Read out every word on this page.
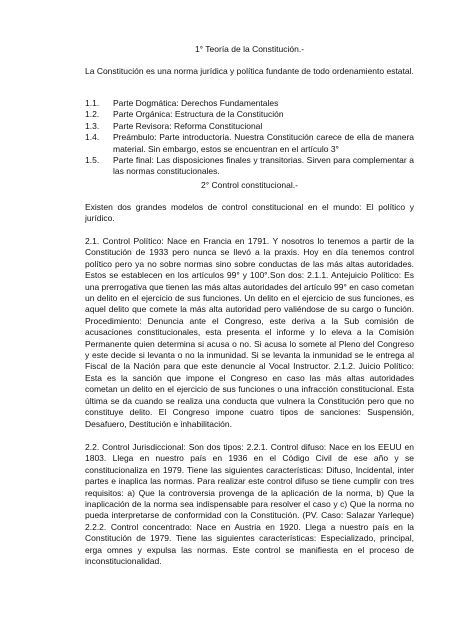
1° Teoría de la Constitución.-

La Constitución es una norma jurídica y política fundante de todo ordenamiento estatal.

1.1.	Parte Dogmática: Derechos Fundamentales
1.2.	Parte Orgánica: Estructura de la Constitución
1.3.	Parte Revisora: Reforma Constitucional
1.4.	Preámbulo: Parte introductoria. Nuestra Constitución carece de ella de manera material. Sin embargo, estos se encuentran en el artículo 3°
1.5.	Parte final: Las disposiciones finales y transitorias. Sirven para complementar a las normas constitucionales.

2° Control constitucional.-

Existen dos grandes modelos de control constitucional en el mundo: El político y jurídico.

2.1. Control Político: Nace en Francia en 1791. Y nosotros lo tenemos a partir de la Constitución de 1933 pero nunca se llevó a la praxis. Hoy en día tenemos control político pero ya no sobre normas sino sobre conductas de las más altas autoridades. Estos se establecen en los artículos 99° y 100°.Son dos: 2.1.1. Antejuicio Político: Es una prerrogativa que tienen las más altas autoridades del artículo 99° en caso cometan un delito en el ejercicio de sus funciones. Un delito en el ejercicio de sus funciones, es aquel delito que comete la más alta autoridad pero valiéndose de su cargo o función. Procedimiento: Denuncia ante el Congreso, este deriva a la Sub comisión de acusaciones constitucionales, esta presenta el informe y lo eleva a la Comisión Permanente quien determina si acusa o no. Si acusa lo somete al Pleno del Congreso y este decide si levanta o no la inmunidad. Si se levanta la inmunidad se le entrega al Fiscal de la Nación para que este denuncie al Vocal Instructor. 2.1.2. Juicio Político: Esta es la sanción que impone el Congreso en caso las más altas autoridades cometan un delito en el ejercicio de sus funciones o una infracción constitucional. Esta última se da cuando se realiza una conducta que vulnera la Constitución pero que no constituye delito. El Congreso impone cuatro tipos de sanciones: Suspensión, Desafuero, Destitución e inhabilitación.

2.2. Control Jurisdiccional: Son dos tipos: 2.2.1. Control difuso: Nace en los EEUU en 1803. Llega en nuestro país en 1936 en el Código Civil de ese año y se constitucionaliza en 1979. Tiene las siguientes características: Difuso, Incidental, inter partes e inaplica las normas. Para realizar este control difuso se tiene cumplir con tres requisitos: a) Que la controversia provenga de la aplicación de la norma, b) Que la inaplicación de la norma sea indispensable para resolver el caso y c) Que la norma no pueda interpretarse de conformidad con la Constitución. (PV. Caso: Salazar Yarleque) 2.2.2. Control concentrado: Nace en Austria en 1920. Llega a nuestro país en la Constitución de 1979. Tiene las siguientes características: Especializado, principal, erga omnes y expulsa las normas. Este control se manifiesta en el proceso de inconstitucionalidad.
